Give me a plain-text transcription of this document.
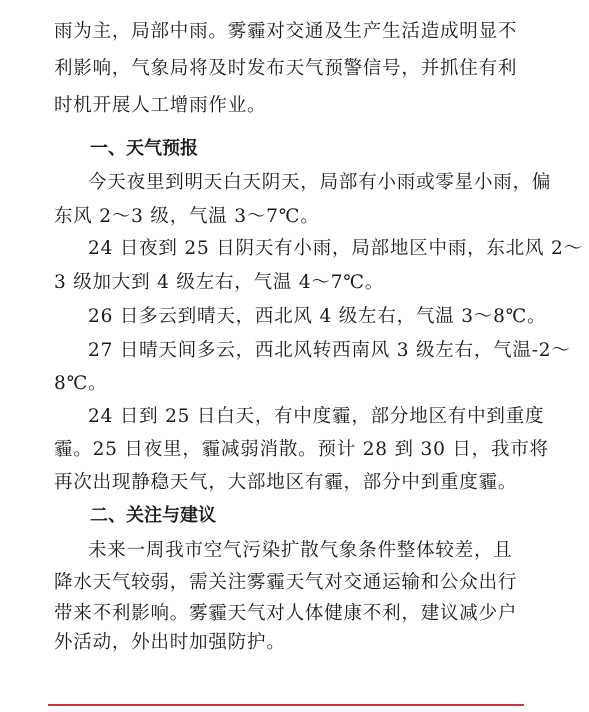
雨为主，局部中雨。雾霾对交通及生产生活造成明显不
利影响，气象局将及时发布天气预警信号，并抓住有利
时机开展人工增雨作业。
一、天气预报
今天夜里到明天白天阴天，局部有小雨或零星小雨，偏
东风 2～3 级，气温 3～7℃。
24 日夜到 25 日阴天有小雨，局部地区中雨，东北风 2～
3 级加大到 4 级左右，气温 4～7℃。
26 日多云到晴天，西北风 4 级左右，气温 3～8℃。
27 日晴天间多云，西北风转西南风 3 级左右，气温-2～
8℃。
24 日到 25 日白天，有中度霾，部分地区有中到重度
霾。25 日夜里，霾减弱消散。预计 28 到 30 日，我市将
再次出现静稳天气，大部地区有霾，部分中到重度霾。
二、关注与建议
未来一周我市空气污染扩散气象条件整体较差，且
降水天气较弱，需关注雾霾天气对交通运输和公众出行
带来不利影响。雾霾天气对人体健康不利，建议减少户
外活动，外出时加强防护。
